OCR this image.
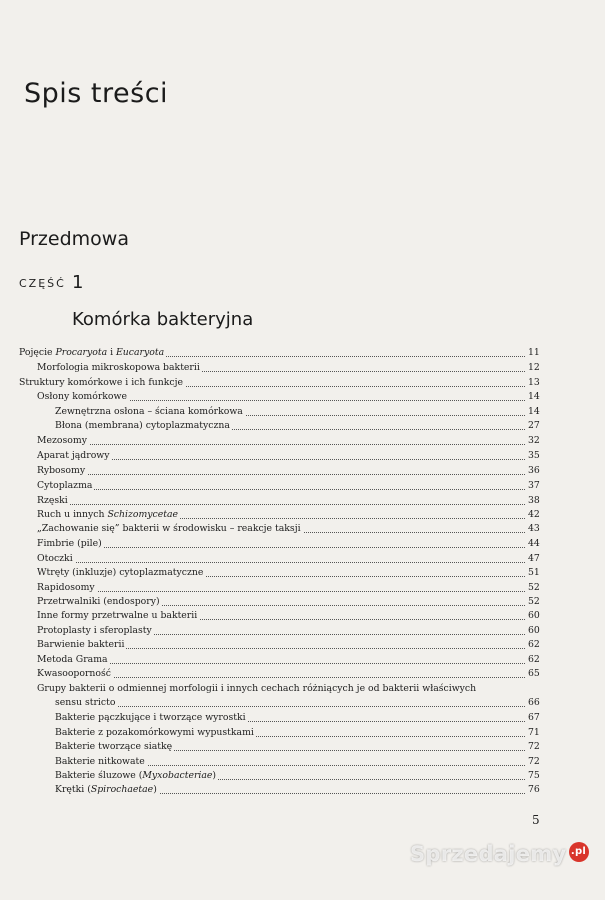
Spis treści
Przedmowa
CZĘŚĆ 1
Komórka bakteryjna
Pojęcie Procaryota i Eucaryota	11
Morfologia mikroskopowa bakterii	12
Struktury komórkowe i ich funkcje	13
Osłony komórkowe	14
Zewnętrzna osłona – ściana komórkowa	14
Błona (membrana) cytoplazmatyczna	27
Mezosomy	32
Aparat jądrowy	35
Rybosomy	36
Cytoplazma	37
Rzęski	38
Ruch u innych Schizomycetae	42
„Zachowanie się” bakterii w środowisku – reakcje taksji	43
Fimbrie (pile)	44
Otoczki	47
Wtręty (inkluzje) cytoplazmatyczne	51
Rapidosomy	52
Przetrwalniki (endospory)	52
Inne formy przetrwalne u bakterii	60
Protoplasty i sferoplasty	60
Barwienie bakterii	62
Metoda Grama	62
Kwasooporność	65
Grupy bakterii o odmiennej morfologii i innych cechach różniących je od bakterii właściwych
sensu stricto	66
Bakterie pączkujące i tworzące wyrostki	67
Bakterie z pozakomórkowymi wypustkami	71
Bakterie tworzące siatkę	72
Bakterie nitkowate	72
Bakterie śluzowe (Myxobacteriae)	75
Krętki (Spirochaetae)	76
5
Sprzedajemy .pl
